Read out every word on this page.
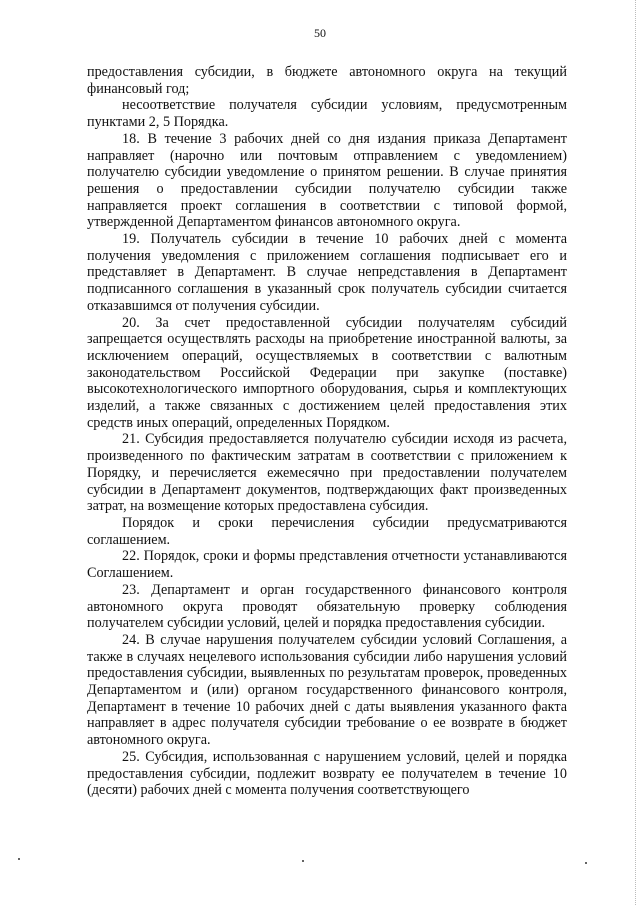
50

предоставления субсидии, в бюджете автономного округа на текущий финансовый год;

несоответствие получателя субсидии условиям, предусмотренным пунктами 2, 5 Порядка.

18. В течение 3 рабочих дней со дня издания приказа Департамент направляет (нарочно или почтовым отправлением с уведомлением) получателю субсидии уведомление о принятом решении. В случае принятия решения о предоставлении субсидии получателю субсидии также направляется проект соглашения в соответствии с типовой формой, утвержденной Департаментом финансов автономного округа.

19. Получатель субсидии в течение 10 рабочих дней с момента получения уведомления с приложением соглашения подписывает его и представляет в Департамент. В случае непредставления в Департамент подписанного соглашения в указанный срок получатель субсидии считается отказавшимся от получения субсидии.

20. За счет предоставленной субсидии получателям субсидий запрещается осуществлять расходы на приобретение иностранной валюты, за исключением операций, осуществляемых в соответствии с валютным законодательством Российской Федерации при закупке (поставке) высокотехнологического импортного оборудования, сырья и комплектующих изделий, а также связанных с достижением целей предоставления этих средств иных операций, определенных Порядком.

21. Субсидия предоставляется получателю субсидии исходя из расчета, произведенного по фактическим затратам в соответствии с приложением к Порядку, и перечисляется ежемесячно при предоставлении получателем субсидии в Департамент документов, подтверждающих факт произведенных затрат, на возмещение которых предоставлена субсидия.

Порядок и сроки перечисления субсидии предусматриваются соглашением.

22. Порядок, сроки и формы представления отчетности устанавливаются Соглашением.

23. Департамент и орган государственного финансового контроля автономного округа проводят обязательную проверку соблюдения получателем субсидии условий, целей и порядка предоставления субсидии.

24. В случае нарушения получателем субсидии условий Соглашения, а также в случаях нецелевого использования субсидии либо нарушения условий предоставления субсидии, выявленных по результатам проверок, проведенных Департаментом и (или) органом государственного финансового контроля, Департамент в течение 10 рабочих дней с даты выявления указанного факта направляет в адрес получателя субсидии требование о ее возврате в бюджет автономного округа.

25. Субсидия, использованная с нарушением условий, целей и порядка предоставления субсидии, подлежит возврату ее получателем в течение 10 (десяти) рабочих дней с момента получения соответствующего
